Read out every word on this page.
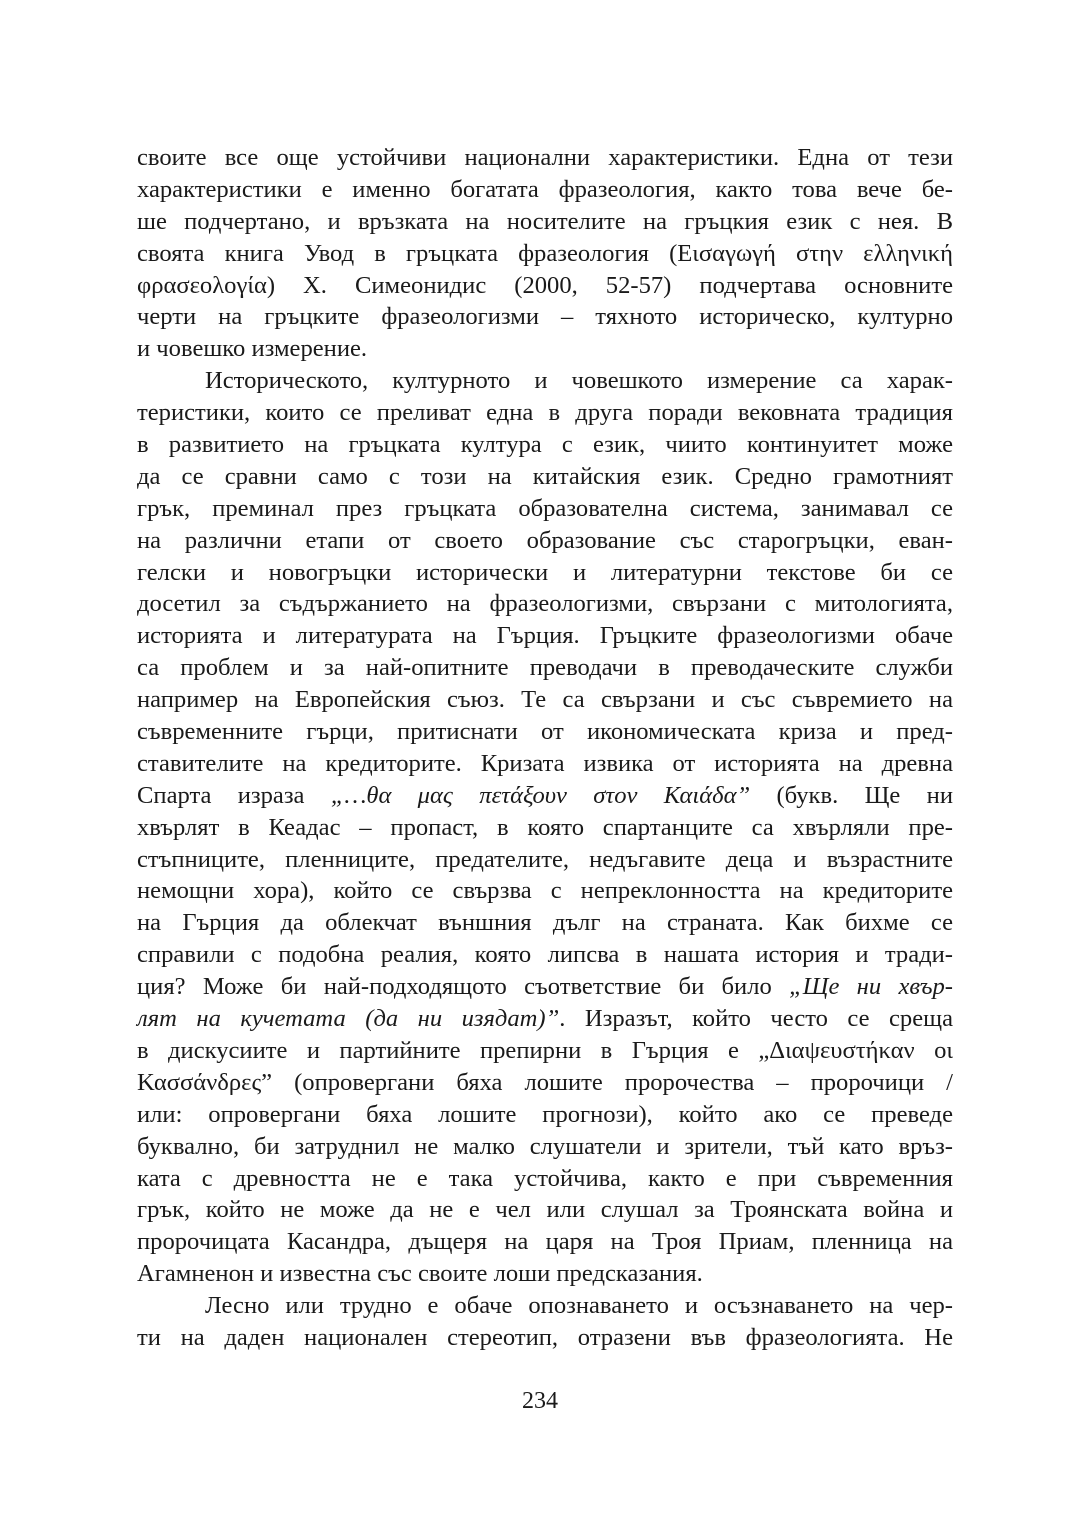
своите все още устойчиви национални характеристики. Една от тези
характеристики е именно богатата фразеология, както това вече бе-
ше подчертано, и връзката на носителите на гръцкия език с нея. В
своята книга Увод в гръцката фразеология (Εισαγωγή στην ελληνική
φρασεολογία) Х. Симеонидис (2000, 52-57) подчертава основните
черти на гръцките фразеологизми – тяхното историческо, културно
и човешко измерение.
Историческото, културното и човешкото измерение са харак-
теристики, които се преливат една в друга поради вековната традиция
в развитието на гръцката култура с език, чиито континуитет може
да се сравни само с този на китайския език. Средно грамотният
грък, преминал през гръцката образователна система, занимавал се
на различни етапи от своето образование със старогръцки, еван-
гелски и новогръцки исторически и литературни текстове би се
досетил за съдържанието на фразеологизми, свързани с митологията,
историята и литературата на Гърция. Гръцките фразеологизми обаче
са проблем и за най-опитните преводачи в преводаческите служби
например на Европейския съюз. Те са свързани и със съвремието на
съвременните гърци, притиснати от икономическата криза и пред-
ставителите на кредиторите. Кризата извика от историята на древна
Спарта израза „…θα μας πετάξουν στον Καιάδα” (букв. Ще ни
хвърлят в Кеадас – пропаст, в която спартанците са хвърляли пре-
стъпниците, пленниците, предателите, недъгавите деца и възрастните
немощни хора), който се свързва с непреклонността на кредиторите
на Гърция да облекчат външния дълг на страната. Как бихме се
справили с подобна реалия, която липсва в нашата история и тради-
ция? Може би най-подходящото съответствие би било „Ще ни хвър-
лят на кучетата (да ни изядат)”. Изразът, който често се среща
в дискусиите и партийните препирни в Гърция е „Διαψευστήκαν οι
Κασσάνδρες” (опровергани бяха лошите пророчества – пророчици /
или: опровергани бяха лошите прогнози), който ако се преведе
буквално, би затруднил не малко слушатели и зрители, тъй като връз-
ката с древността не е така устойчива, както е при съвременния
грък, който не може да не е чел или слушал за Троянската война и
пророчицата Касандра, дъщеря на царя на Троя Приам, пленница на
Агамненон и известна със своите лоши предсказания.
Лесно или трудно е обаче опознаването и осъзнаването на чер-
ти на даден национален стереотип, отразени във фразеологията. Не
234
